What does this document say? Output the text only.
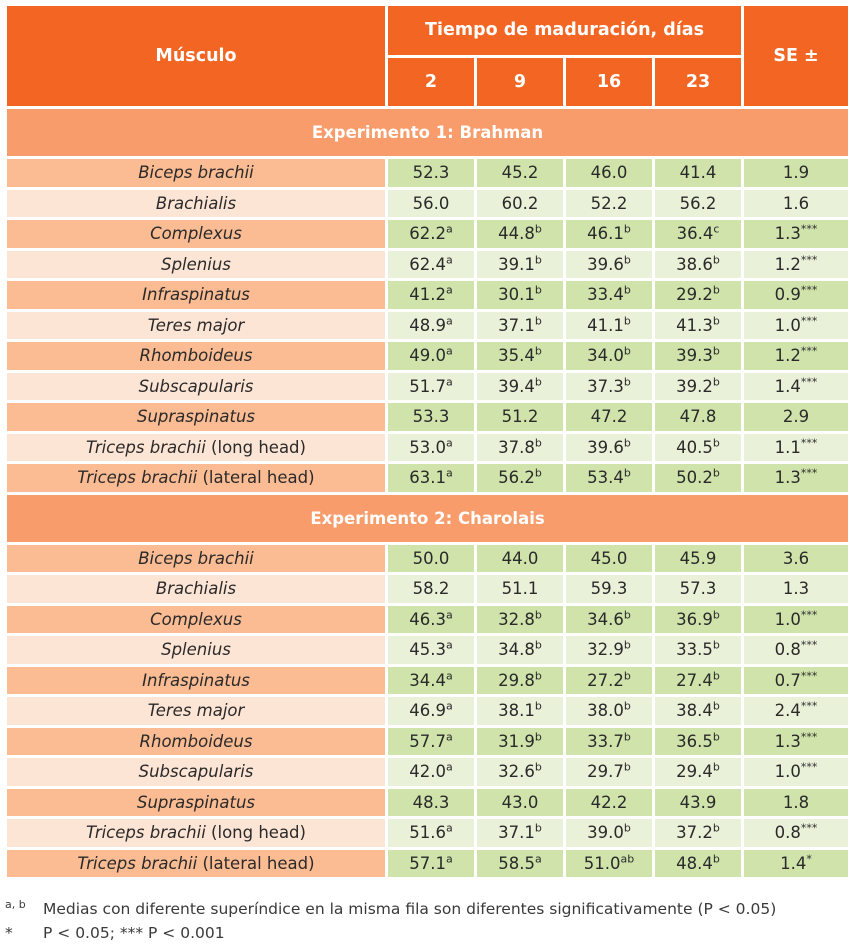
Músculo	Tiempo de maduración, días				SE ±
	2	9	16	23	
Experimento 1: Brahman					
Biceps brachii	52.3	45.2	46.0	41.4	1.9
Brachialis	56.0	60.2	52.2	56.2	1.6
Complexus	62.2$^a$	44.8$^b$	46.1$^b$	36.4$^c$	1.3***
Splenius	62.4$^a$	39.1$^b$	39.6$^b$	38.6$^b$	1.2***
Infraspinatus	41.2$^a$	30.1$^b$	33.4$^b$	29.2$^b$	0.9***
Teres major	48.9$^a$	37.1$^b$	41.1$^b$	41.3$^b$	1.0***
Rhomboideus	49.0$^a$	35.4$^b$	34.0$^b$	39.3$^b$	1.2***
Subscapularis	51.7$^a$	39.4$^b$	37.3$^b$	39.2$^b$	1.4***
Supraspinatus	53.3	51.2	47.2	47.8	2.9
Triceps brachii (long head)	53.0$^a$	37.8$^b$	39.6$^b$	40.5$^b$	1.1***
Triceps brachii (lateral head)	63.1$^a$	56.2$^b$	53.4$^b$	50.2$^b$	1.3***
Experimento 2: Charolais					
Biceps brachii	50.0	44.0	45.0	45.9	3.6
Brachialis	58.2	51.1	59.3	57.3	1.3
Complexus	46.3$^a$	32.8$^b$	34.6$^b$	36.9$^b$	1.0***
Splenius	45.3$^a$	34.8$^b$	32.9$^b$	33.5$^b$	0.8***
Infraspinatus	34.4$^a$	29.8$^b$	27.2$^b$	27.4$^b$	0.7***
Teres major	46.9$^a$	38.1$^b$	38.0$^b$	38.4$^b$	2.4***
Rhomboideus	57.7$^a$	31.9$^b$	33.7$^b$	36.5$^b$	1.3***
Subscapularis	42.0$^a$	32.6$^b$	29.7$^b$	29.4$^b$	1.0***
Supraspinatus	48.3	43.0	42.2	43.9	1.8
Triceps brachii (long head)	51.6$^a$	37.1$^b$	39.0$^b$	37.2$^b$	0.8***
Triceps brachii (lateral head)	57.1$^a$	58.5$^a$	51.0$^{ab}$	48.4$^b$	1.4*
$^{a, b}$ Medias con diferente superíndice en la misma fila son diferentes significativamente (P < 0.05)
* P < 0.05; *** P < 0.001
